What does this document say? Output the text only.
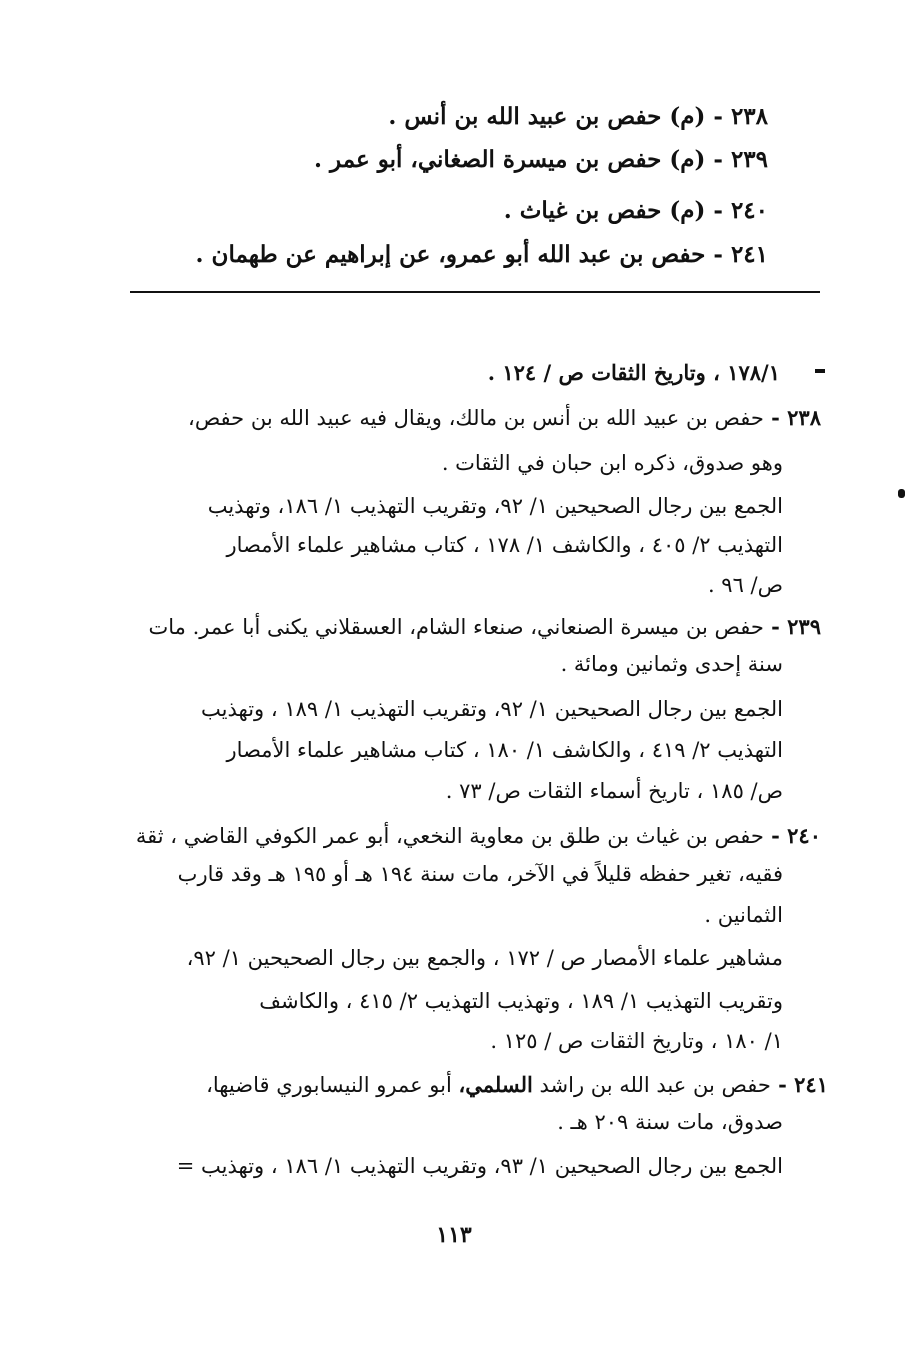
٢٣٨ - (م) حفص بن عبيد الله بن أنس .
٢٣٩ - (م) حفص بن ميسرة الصغاني، أبو عمر .
٢٤٠ - (م) حفص بن غياث .
٢٤١ - حفص بن عبد الله أبو عمرو، عن إبراهيم عن طهمان .
١٧٨/١ ، وتاريخ الثقات ص / ١٢٤ .
٢٣٨ - حفص بن عبيد الله بن أنس بن مالك، ويقال فيه عبيد الله بن حفص،
وهو صدوق، ذكره ابن حبان في الثقات .
الجمع بين رجال الصحيحين ١/ ٩٢، وتقريب التهذيب ١/ ١٨٦، وتهذيب
التهذيب ٢/ ٤٠٥ ، والكاشف ١/ ١٧٨ ، كتاب مشاهير علماء الأمصار
ص/ ٩٦ .
٢٣٩ - حفص بن ميسرة الصنعاني، صنعاء الشام، العسقلاني يكنى أبا عمر. مات
سنة إحدى وثمانين ومائة .
الجمع بين رجال الصحيحين ١/ ٩٢، وتقريب التهذيب ١/ ١٨٩ ، وتهذيب
التهذيب ٢/ ٤١٩ ، والكاشف ١/ ١٨٠ ، كتاب مشاهير علماء الأمصار
ص/ ١٨٥ ، تاريخ أسماء الثقات ص/ ٧٣ .
٢٤٠ - حفص بن غياث بن طلق بن معاوية النخعي، أبو عمر الكوفي القاضي ، ثقة
فقيه، تغير حفظه قليلاً في الآخر، مات سنة ١٩٤ هـ أو ١٩٥ هـ وقد قارب
الثمانين .
مشاهير علماء الأمصار ص / ١٧٢ ، والجمع بين رجال الصحيحين ١/ ٩٢،
وتقريب التهذيب ١/ ١٨٩ ، وتهذيب التهذيب ٢/ ٤١٥ ، والكاشف
١/ ١٨٠ ، وتاريخ الثقات ص / ١٢٥ .
٢٤١ - حفص بن عبد الله بن راشد السلمي، أبو عمرو النيسابوري قاضيها،
صدوق، مات سنة ٢٠٩ هـ .
الجمع بين رجال الصحيحين ١/ ٩٣، وتقريب التهذيب ١/ ١٨٦ ، وتهذيب =
١١٣
